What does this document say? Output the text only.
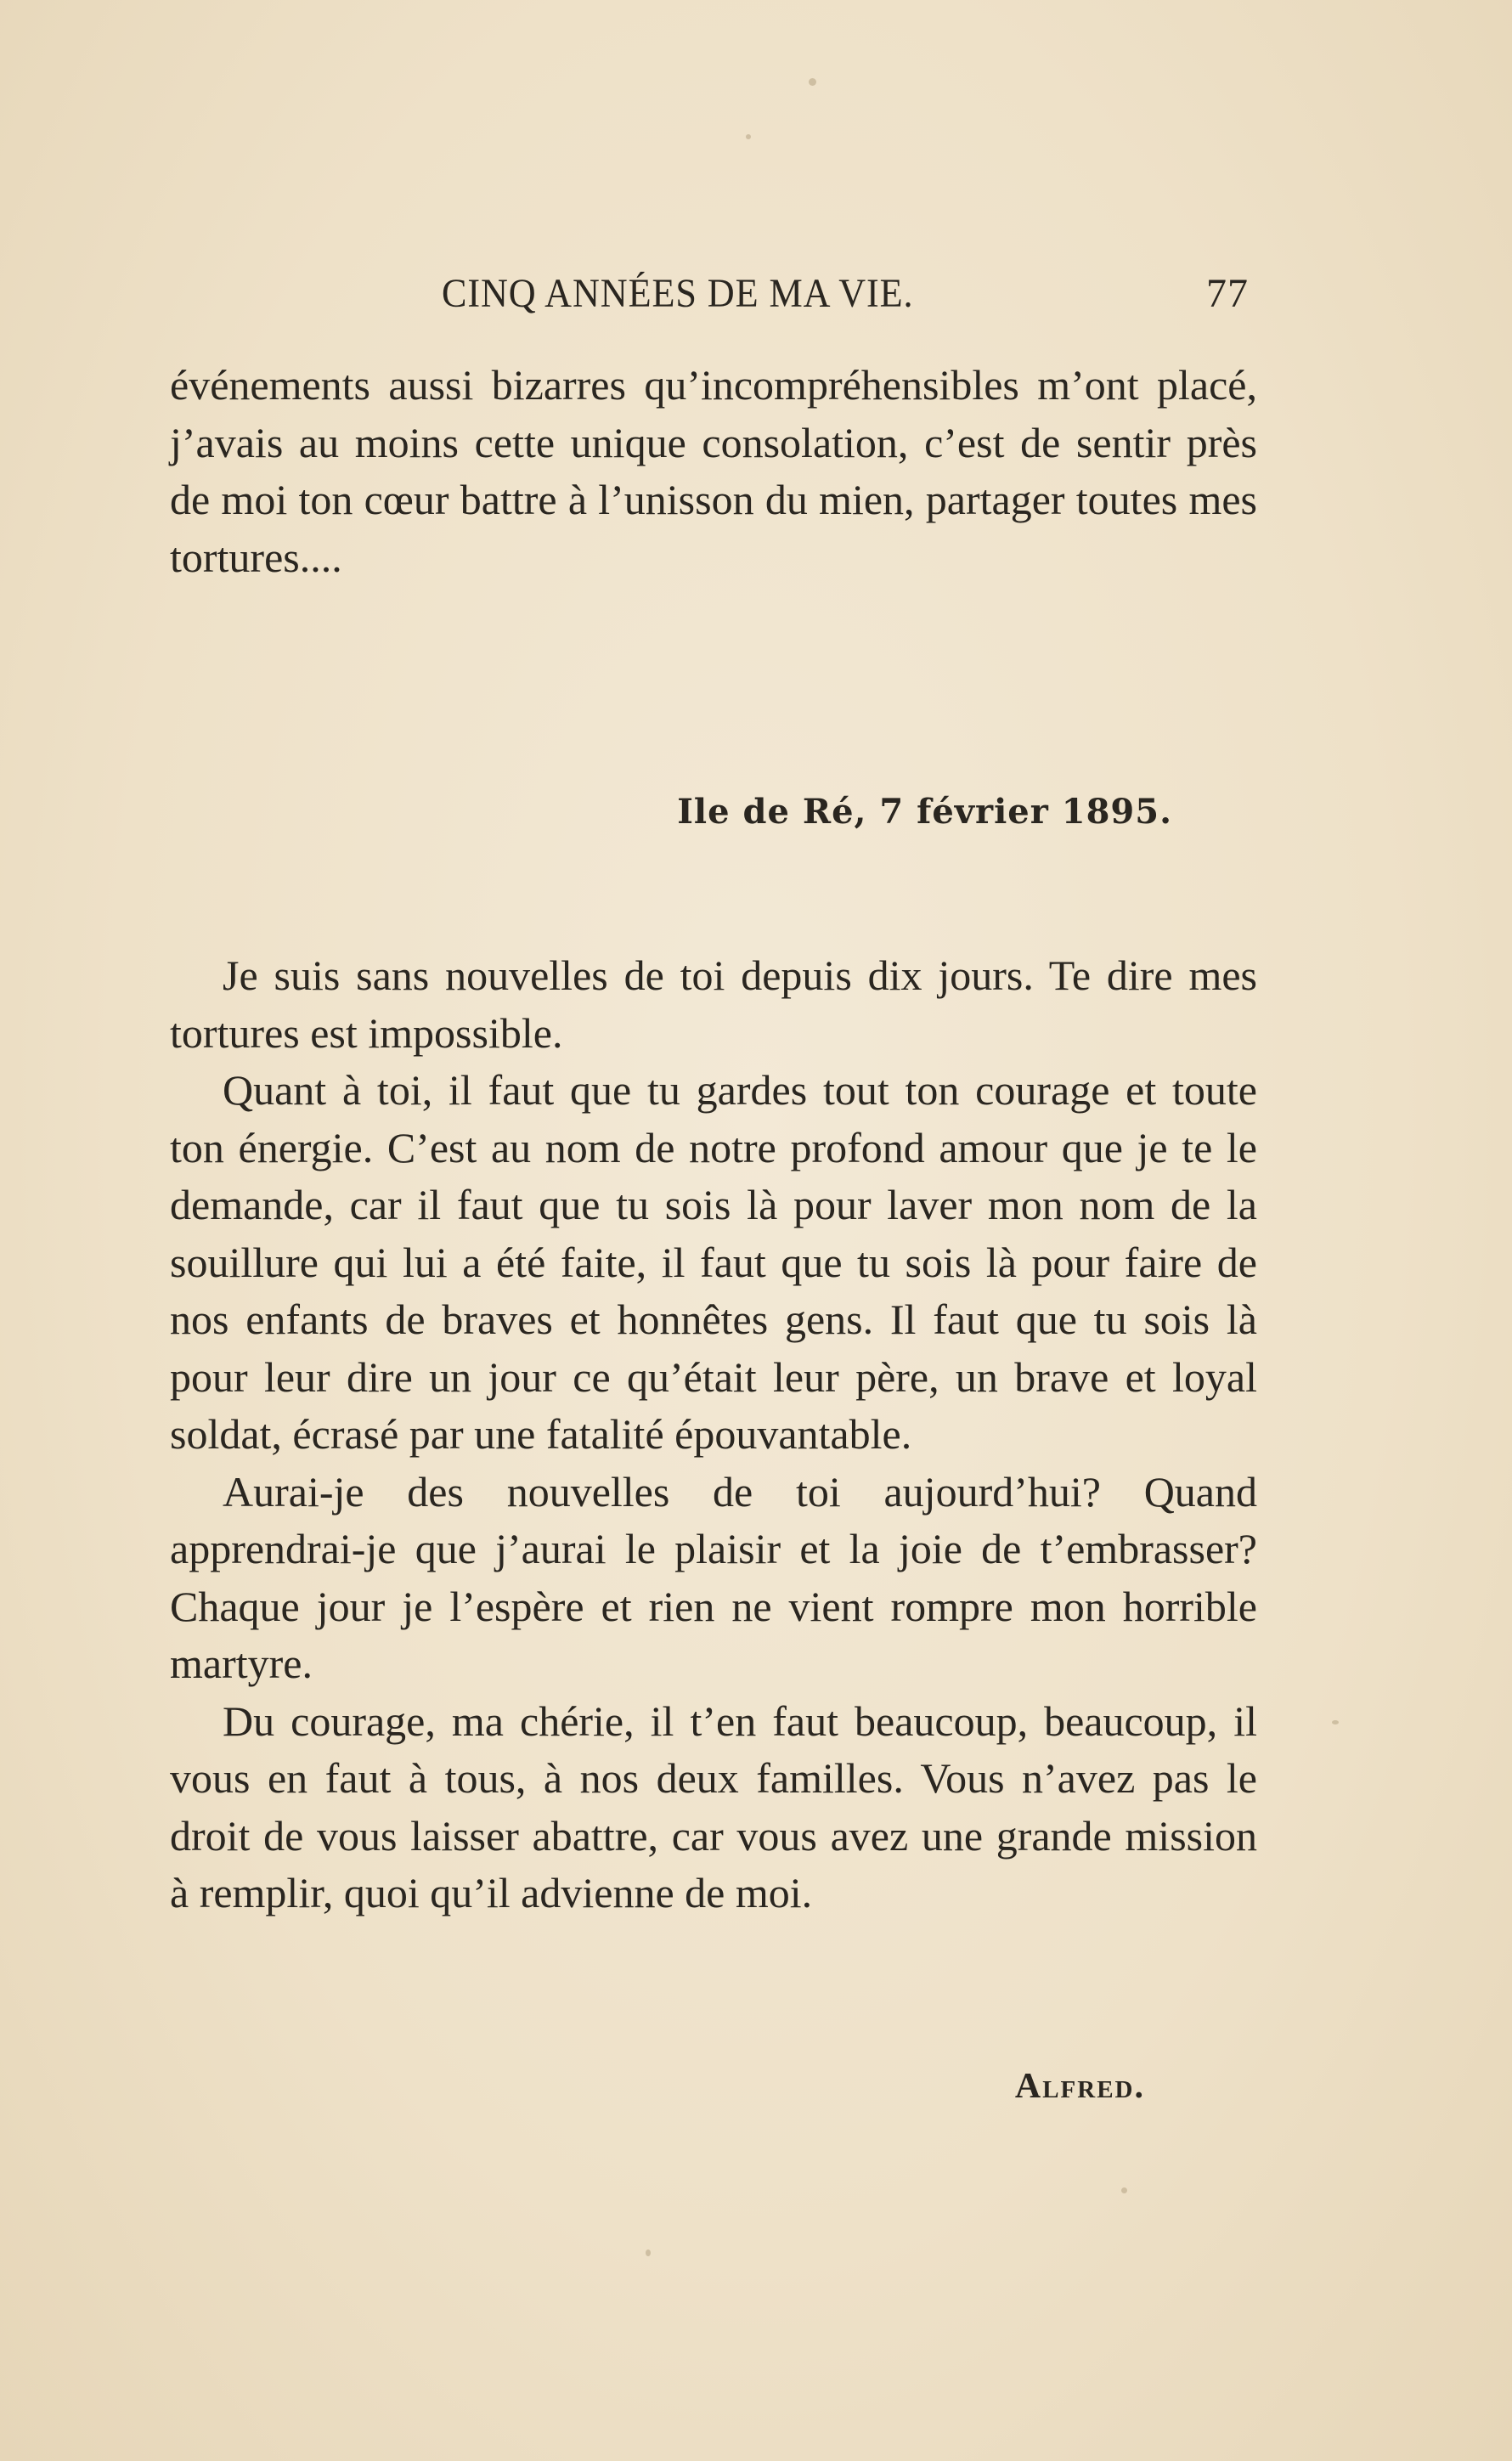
CINQ ANNÉES DE MA VIE.	77

événements aussi bizarres qu’incompréhensibles m’ont placé, j’avais au moins cette unique consolation, c’est de sentir près de moi ton cœur battre à l’unisson du mien, partager toutes mes tortures....

Ile de Ré, 7 février 1895.

Je suis sans nouvelles de toi depuis dix jours. Te dire mes tortures est impossible.

Quant à toi, il faut que tu gardes tout ton courage et toute ton énergie. C’est au nom de notre profond amour que je te le demande, car il faut que tu sois là pour laver mon nom de la souillure qui lui a été faite, il faut que tu sois là pour faire de nos enfants de braves et honnêtes gens. Il faut que tu sois là pour leur dire un jour ce qu’était leur père, un brave et loyal soldat, écrasé par une fatalité épouvantable.

Aurai-je des nouvelles de toi aujourd’hui? Quand apprendrai-je que j’aurai le plaisir et la joie de t’embrasser? Chaque jour je l’espère et rien ne vient rompre mon horrible martyre.

Du courage, ma chérie, il t’en faut beaucoup, beaucoup, il vous en faut à tous, à nos deux familles. Vous n’avez pas le droit de vous laisser abattre, car vous avez une grande mission à remplir, quoi qu’il advienne de moi.

Alfred.
